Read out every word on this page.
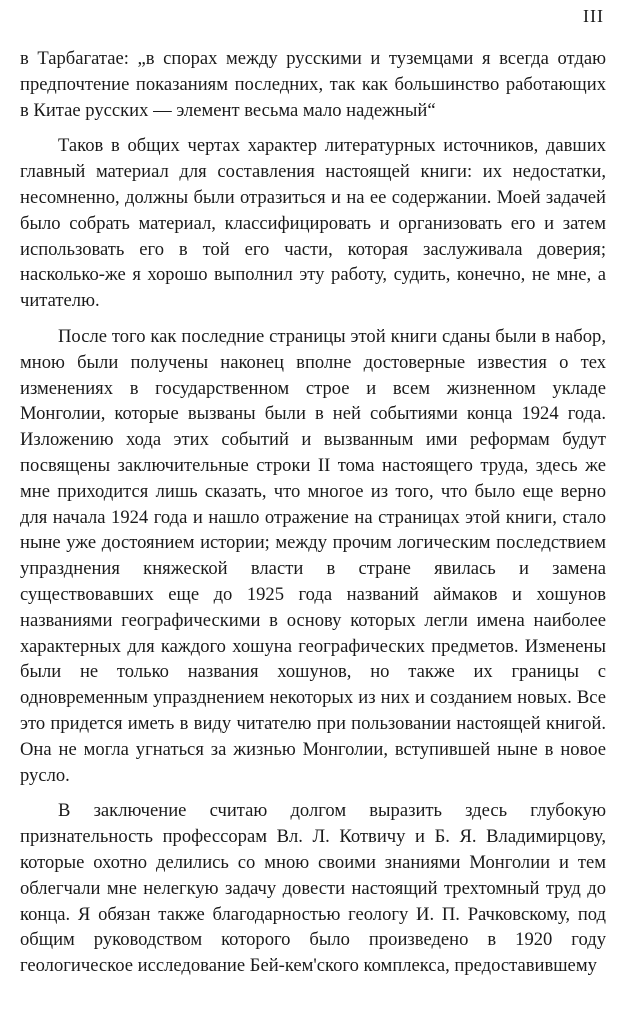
III

в Тарбагатае: „в спорах между русскими и туземцами я всегда отдаю предпочтение показаниям последних, так как большинство работающих в Китае русских — элемент весьма мало надежный“

Таков в общих чертах характер литературных источников, давших главный материал для составления настоящей книги: их недостатки, несомненно, должны были отразиться и на ее содержании. Моей задачей было собрать материал, классифицировать и организовать его и затем использовать его в той его части, которая заслуживала доверия; насколько-же я хорошо выполнил эту работу, судить, конечно, не мне, а читателю.

После того как последние страницы этой книги сданы были в набор, мною были получены наконец вполне достоверные известия о тех изменениях в государственном строе и всем жизненном укладе Монголии, которые вызваны были в ней событиями конца 1924 года. Изложению хода этих событий и вызванным ими реформам будут посвящены заключительные строки II тома настоящего труда, здесь же мне приходится лишь сказать, что многое из того, что было еще верно для начала 1924 года и нашло отражение на страницах этой книги, стало ныне уже достоянием истории; между прочим логическим последствием упразднения княжеской власти в стране явилась и замена существовавших еще до 1925 года названий аймаков и хошунов названиями географическими в основу которых легли имена наиболее характерных для каждого хошуна географических предметов. Изменены были не только названия хошунов, но также их границы с одновременным упразднением некоторых из них и созданием новых. Все это придется иметь в виду читателю при пользовании настоящей книгой. Она не могла угнаться за жизнью Монголии, вступившей ныне в новое русло.

В заключение считаю долгом выразить здесь глубокую признательность профессорам Вл. Л. Котвичу и Б. Я. Владимирцову, которые охотно делились со мною своими знаниями Монголии и тем облегчали мне нелегкую задачу довести настоящий трехтомный труд до конца. Я обязан также благодарностью геологу И. П. Рачковскому, под общим руководством которого было произведено в 1920 году геологическое исследование Бей-кем'ского комплекса, предоставившему
